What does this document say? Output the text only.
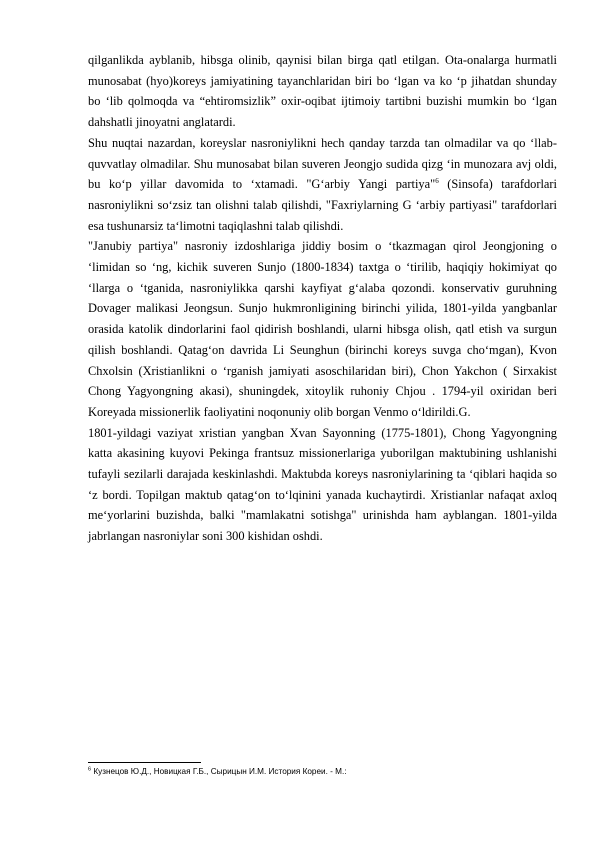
qilganlikda ayblanib, hibsga olinib, qaynisi bilan birga qatl etilgan. Ota-onalarga hurmatli munosabat (hyo)koreys jamiyatining tayanchlaridan biri bo ‘lgan va ko ‘p jihatdan shunday bo ‘lib qolmoqda va “ehtiromsizlik” oxir-oqibat ijtimoiy tartibni buzishi mumkin bo ‘lgan dahshatli jinoyatni anglatardi.

Shu nuqtai nazardan, koreyslar nasroniylikni hech qanday tarzda tan olmadilar va qo ‘llab-quvvatlay olmadilar. Shu munosabat bilan suveren Jeongjo sudida qizg ‘in munozara avj oldi, bu ko‘p yillar davomida to ‘xtamadi. "G‘arbiy Yangi partiya"$^6$ (Sinsofa) tarafdorlari nasroniylikni so‘zsiz tan olishni talab qilishdi, "Faxriylarning G ‘arbiy partiyasi" tarafdorlari esa tushunarsiz ta‘limotni taqiqlashni talab qilishdi.

"Janubiy partiya" nasroniy izdoshlariga jiddiy bosim o ‘tkazmagan qirol Jeongjoning o ‘limidan so ‘ng, kichik suveren Sunjo (1800-1834) taxtga o ‘tirilib, haqiqiy hokimiyat qo ‘llarga o ‘tganida, nasroniylikka qarshi kayfiyat g‘alaba qozondi. konservativ guruhning Dovager malikasi Jeongsun. Sunjo hukmronligining birinchi yilida, 1801-yilda yangbanlar orasida katolik dindorlarini faol qidirish boshlandi, ularni hibsga olish, qatl etish va surgun qilish boshlandi. Qatag‘on davrida Li Seunghun (birinchi koreys suvga cho‘mgan), Kvon Chxolsin (Xristianlikni o ‘rganish jamiyati asoschilaridan biri), Chon Yakchon ( Sirxakist Chong Yagyongning akasi), shuningdek, xitoylik ruhoniy Chjou . 1794-yil oxiridan beri Koreyada missionerlik faoliyatini noqonuniy olib borgan Venmo o‘ldirildi.G.

1801-yildagi vaziyat xristian yangban Xvan Sayonning (1775-1801), Chong Yagyongning katta akasining kuyovi Pekinga frantsuz missionerlariga yuborilgan maktubining ushlanishi tufayli sezilarli darajada keskinlashdi. Maktubda koreys nasroniylarining ta ‘qiblari haqida so ‘z bordi. Topilgan maktub qatag‘on to‘lqinini yanada kuchaytirdi. Xristianlar nafaqat axloq me‘yorlarini buzishda, balki "mamlakatni sotishga" urinishda ham ayblangan. 1801-yilda jabrlangan nasroniylar soni 300 kishidan oshdi.

$^6$ Кузнецов Ю.Д., Новицкая Г.Б., Сырицын И.М. История Кореи. - М.:
